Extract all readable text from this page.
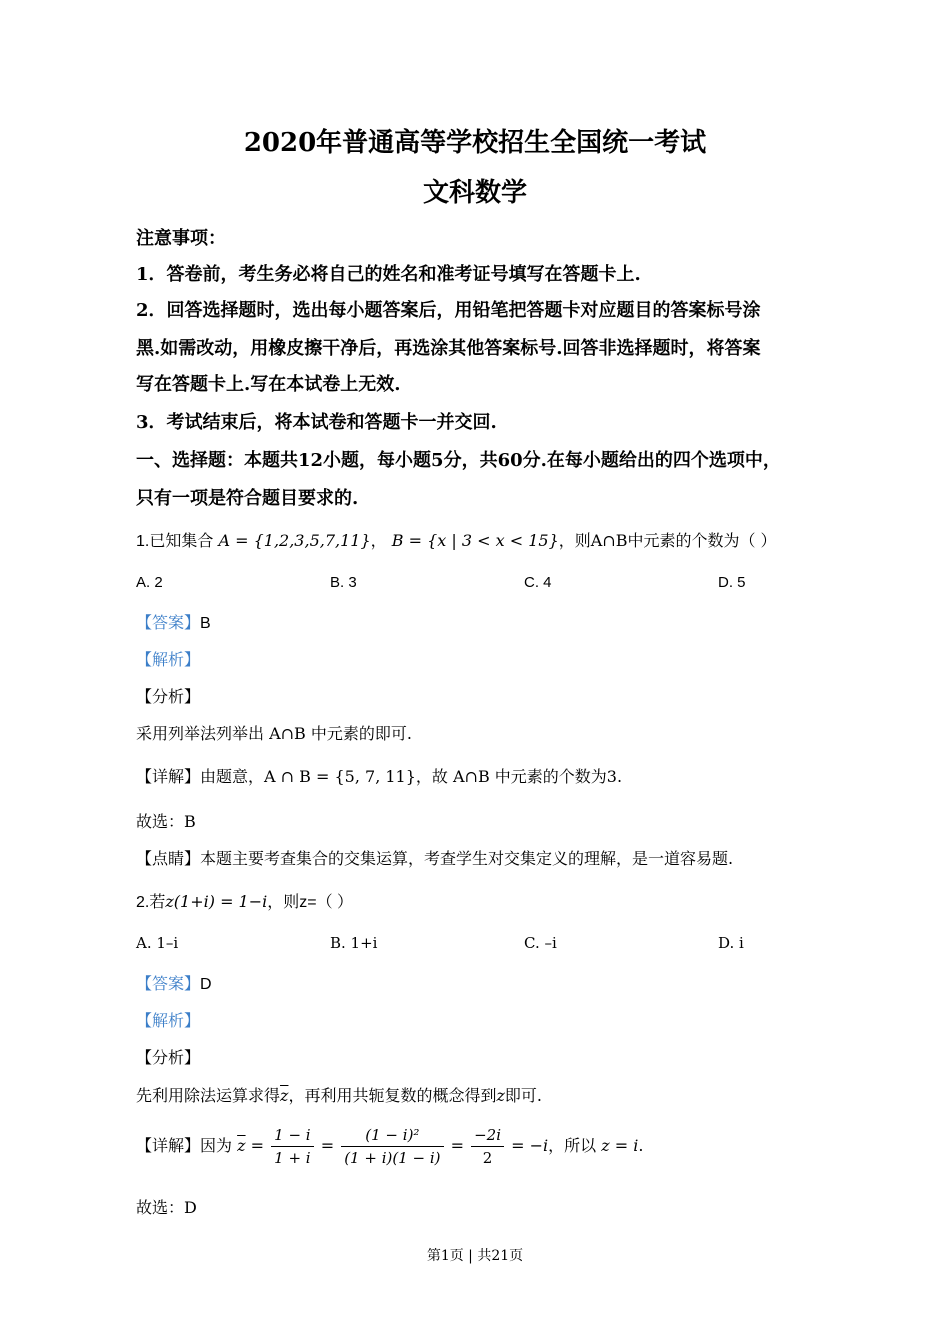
2020年普通高等学校招生全国统一考试
文科数学
注意事项：
1．答卷前，考生务必将自己的姓名和准考证号填写在答题卡上.
2．回答选择题时，选出每小题答案后，用铅笔把答题卡对应题目的答案标号涂
黑.如需改动，用橡皮擦干净后，再选涂其他答案标号.回答非选择题时，将答案
写在答题卡上.写在本试卷上无效.
3．考试结束后，将本试卷和答题卡一并交回.
一、选择题：本题共12小题，每小题5分，共60分.在每小题给出的四个选项中，
只有一项是符合题目要求的.
1.已知集合 A = {1,2,3,5,7,11}， B = {x | 3 < x < 15}，则A∩B中元素的个数为（ ）
A. 2	B. 3	C. 4	D. 5
【答案】B
【解析】
【分析】
采用列举法列举出 A∩B 中元素的即可.
【详解】由题意，A ∩ B = {5, 7, 11}，故 A∩B 中元素的个数为3.
故选：B
【点睛】本题主要考查集合的交集运算，考查学生对交集定义的理解，是一道容易题.
2.若z(1+i) = 1−i，则z=（ ）
A. 1–i	B. 1+i	C. –i	D. i
【答案】D
【解析】
【分析】
先利用除法运算求得$\overline{z}$，再利用共轭复数的概念得到z即可.
【详解】因为 $\overline{z} = \frac{1 - i}{1 + i} = \frac{\text{(1 − i)²}}{(1 + i)(1 - i)} = \frac{-2i}{2} = -i$，所以 z = i.
故选：D
第1页 | 共21页
